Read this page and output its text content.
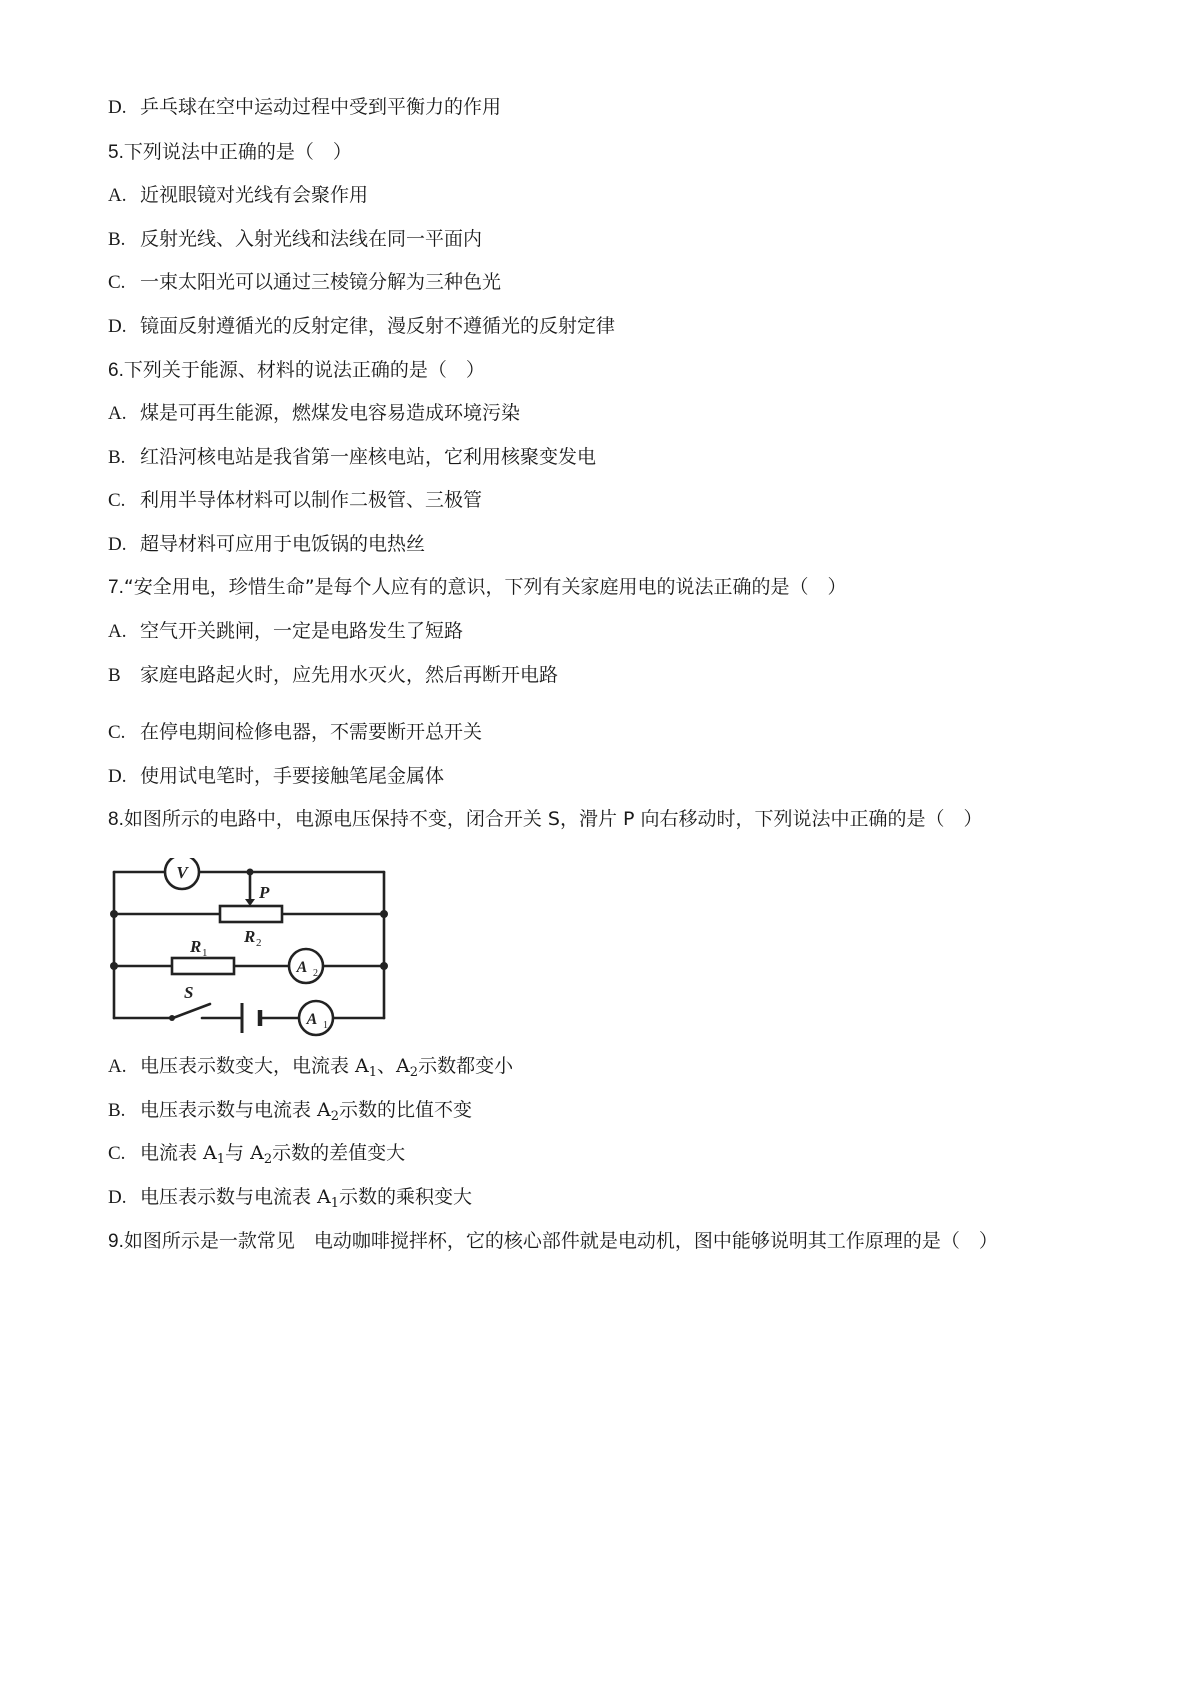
D. 乒乓球在空中运动过程中受到平衡力的作用
5.下列说法中正确的是（　）
A. 近视眼镜对光线有会聚作用
B. 反射光线、入射光线和法线在同一平面内
C. 一束太阳光可以通过三棱镜分解为三种色光
D. 镜面反射遵循光的反射定律，漫反射不遵循光的反射定律
6.下列关于能源、材料的说法正确的是（　）
A. 煤是可再生能源，燃煤发电容易造成环境污染
B. 红沿河核电站是我省第一座核电站，它利用核聚变发电
C. 利用半导体材料可以制作二极管、三极管
D. 超导材料可应用于电饭锅的电热丝
7.“安全用电，珍惜生命”是每个人应有的意识，下列有关家庭用电的说法正确的是（　）
A. 空气开关跳闸，一定是电路发生了短路
B 家庭电路起火时，应先用水灭火，然后再断开电路
C. 在停电期间检修电器，不需要断开总开关
D. 使用试电笔时，手要接触笔尾金属体
8.如图所示的电路中，电源电压保持不变，闭合开关 S，滑片 P 向右移动时，下列说法中正确的是（　）
V
P
R 2
R 1
A 2
S
A 1
A. 电压表示数变大，电流表 $A_1$、$A_2$示数都变小
B. 电压表示数与电流表 $A_2$示数的比值不变
C. 电流表 $A_1$与 $A_2$示数的差值变大
D. 电压表示数与电流表 $A_1$示数的乘积变大
9.如图所示是一款常见　电动咖啡搅拌杯，它的核心部件就是电动机，图中能够说明其工作原理的是（　）
